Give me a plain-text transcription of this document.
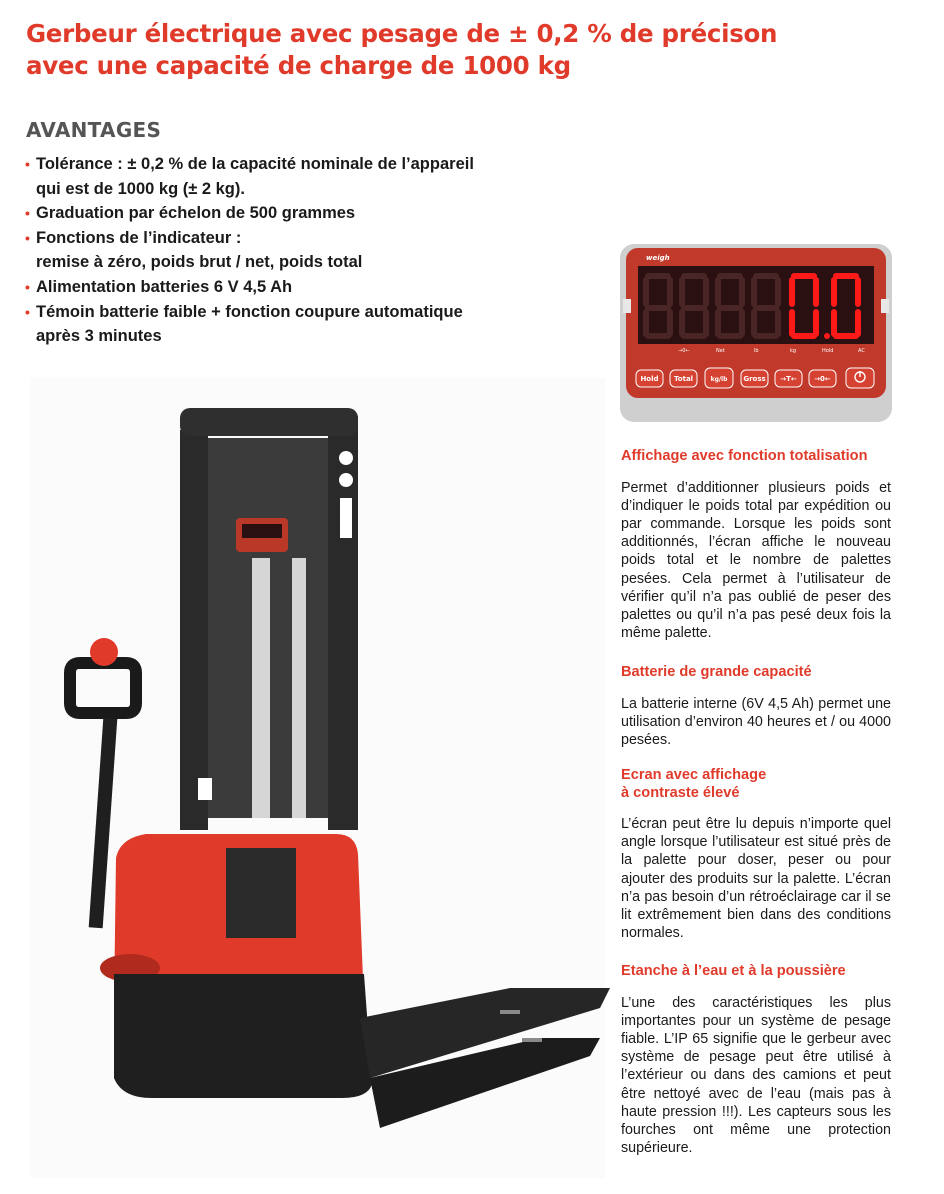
Gerbeur électrique avec pesage de ± 0,2 % de précison
avec une capacité de charge de 1000 kg
AVANTAGES
• Tolérance : ± 0,2 % de la capacité nominale de l’appareil
qui est de 1000 kg (± 2 kg).
• Graduation par échelon de 500 grammes
• Fonctions de l’indicateur :
remise à zéro, poids brut / net, poids total
• Alimentation batteries 6 V 4,5 Ah
• Témoin batterie faible + fonction coupure automatique
après 3 minutes
weigh
0.0
→0←	Net	lb	kg	Hold	AC
Hold Total	kg/lb Gross →T← →0←
Affichage avec fonction totalisation

Permet d’additionner plusieurs poids et d’indiquer le poids total par expédition ou par commande. Lorsque les poids sont additionnés, l’écran affiche le nouveau poids total et le nombre de palettes pesées. Cela permet à l’utilisateur de vérifier qu’il n’a pas oublié de peser des palettes ou qu’il n’a pas pesé deux fois la même palette.

Batterie de grande capacité

La batterie interne (6V 4,5 Ah) permet une utilisation d’environ 40 heures et / ou 4000 pesées.

Ecran avec affichage
à contraste élevé

L’écran peut être lu depuis n’importe quel angle lorsque l’utilisateur est situé près de la palette pour doser, peser ou pour ajouter des produits sur la palette. L’écran n’a pas besoin d’un rétroéclairage car il se lit extrêmement bien dans des conditions normales.

Etanche à l’eau et à la poussière

L’une des caractéristiques les plus importantes pour un système de pesage fiable. L’IP 65 signifie que le gerbeur avec système de pesage peut être utilisé à l’extérieur ou dans des camions et peut être nettoyé avec de l’eau (mais pas à haute pression !!!). Les capteurs sous les fourches ont même une protection supérieure.
